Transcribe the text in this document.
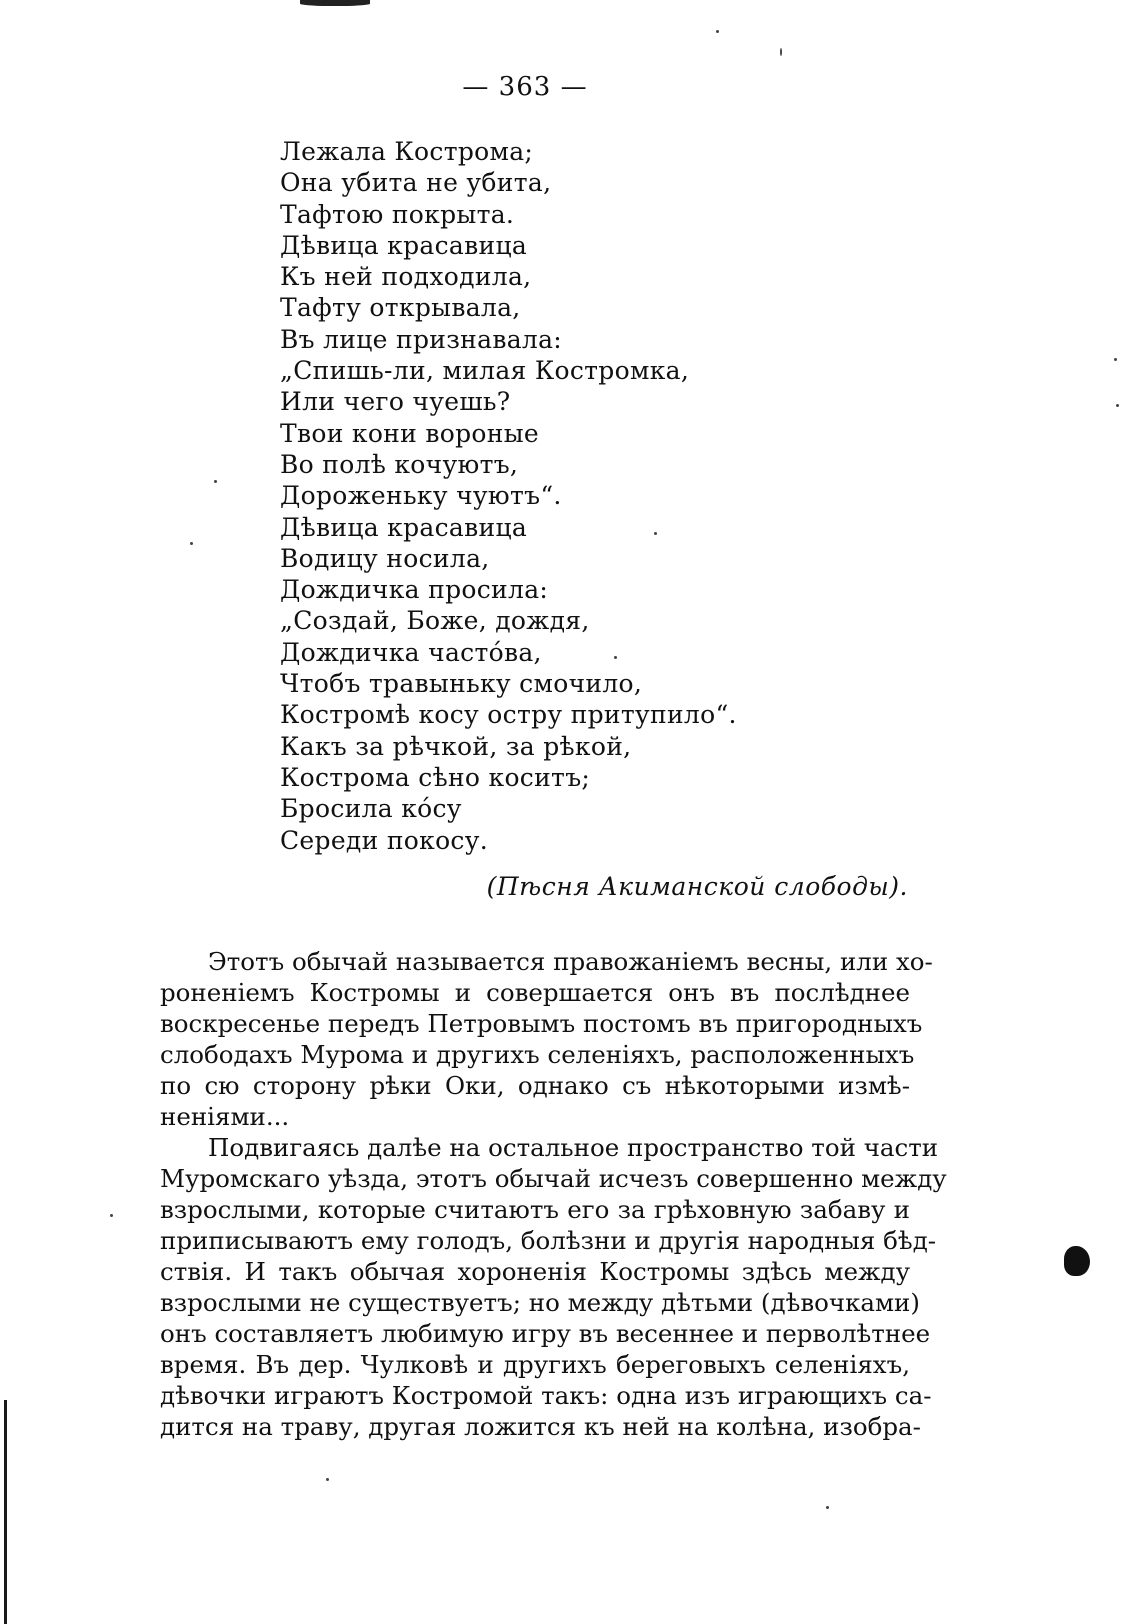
— 363 —
Лежала Кострома;
Она убита не убита,
Тафтою покрыта.
Дѣвица красавица
Къ ней подходила,
Тафту открывала,
Въ лице признавала:
„Спишь-ли, милая Костромка,
Или чего чуешь?
Твои кони вороные
Во полѣ кочуютъ,
Дороженьку чуютъ“.
Дѣвица красавица
Водицу носила,
Дождичка просила:
„Создай, Боже, дождя,
Дождичка частóва,
Чтобъ травыньку смочило,
Костромѣ косу остру притупило“.
Какъ за рѣчкой, за рѣкой,
Кострома сѣно коситъ;
Бросила кóсу
Середи покосу.
(Пѣсня Акиманской слободы).

Этотъ обычай называется правожаніемъ весны, или хо-
роненіемъ Костромы и совершается онъ въ послѣднее
воскресенье передъ Петровымъ постомъ въ пригородныхъ
слободахъ Мурома и другихъ селеніяхъ, расположенныхъ
по сю сторону рѣки Оки, однако съ нѣкоторыми измѣ-
неніями...

Подвигаясь далѣе на остальное пространство той части
Муромскаго уѣзда, этотъ обычай исчезъ совершенно между
взрослыми, которые считаютъ его за грѣховную забаву и
приписываютъ ему голодъ, болѣзни и другія народныя бѣд-
ствія. И такъ обычая хороненія Костромы здѣсь между
взрослыми не существуетъ; но между дѣтьми (дѣвочками)
онъ составляетъ любимую игру въ весеннее и перволѣтнее
время. Въ дер. Чулковѣ и другихъ береговыхъ селеніяхъ,
дѣвочки играютъ Костромой такъ: одна изъ играющихъ са-
дится на траву, другая ложится къ ней на колѣна, изобра-
